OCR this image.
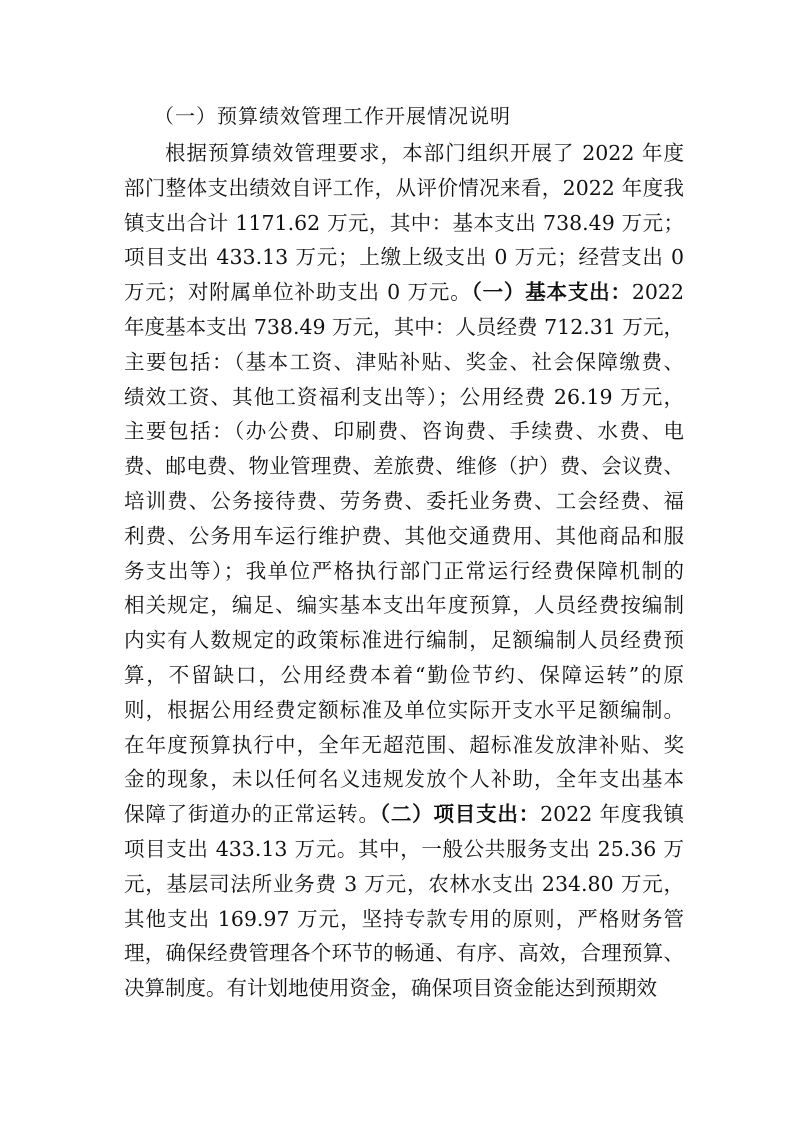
（一）预算绩效管理工作开展情况说明
根据预算绩效管理要求，本部门组织开展了 2022 年度
部门整体支出绩效自评工作，从评价情况来看，2022 年度我
镇支出合计 1171.62 万元，其中：基本支出 738.49 万元；
项目支出 433.13 万元；上缴上级支出 0 万元；经营支出 0
万元；对附属单位补助支出 0 万元。（一）基本支出：2022
年度基本支出 738.49 万元，其中：人员经费 712.31 万元，
主要包括：（基本工资、津贴补贴、奖金、社会保障缴费、
绩效工资、其他工资福利支出等）；公用经费 26.19 万元，
主要包括：（办公费、印刷费、咨询费、手续费、水费、电
费、邮电费、物业管理费、差旅费、维修（护）费、会议费、
培训费、公务接待费、劳务费、委托业务费、工会经费、福
利费、公务用车运行维护费、其他交通费用、其他商品和服
务支出等）；我单位严格执行部门正常运行经费保障机制的
相关规定，编足、编实基本支出年度预算，人员经费按编制
内实有人数规定的政策标准进行编制，足额编制人员经费预
算，不留缺口，公用经费本着“勤俭节约、保障运转”的原
则，根据公用经费定额标准及单位实际开支水平足额编制。
在年度预算执行中，全年无超范围、超标准发放津补贴、奖
金的现象，未以任何名义违规发放个人补助，全年支出基本
保障了街道办的正常运转。（二）项目支出：2022 年度我镇
项目支出 433.13 万元。其中，一般公共服务支出 25.36 万
元，基层司法所业务费 3 万元，农林水支出 234.80 万元，
其他支出 169.97 万元，坚持专款专用的原则，严格财务管
理，确保经费管理各个环节的畅通、有序、高效，合理预算、
决算制度。有计划地使用资金，确保项目资金能达到预期效
